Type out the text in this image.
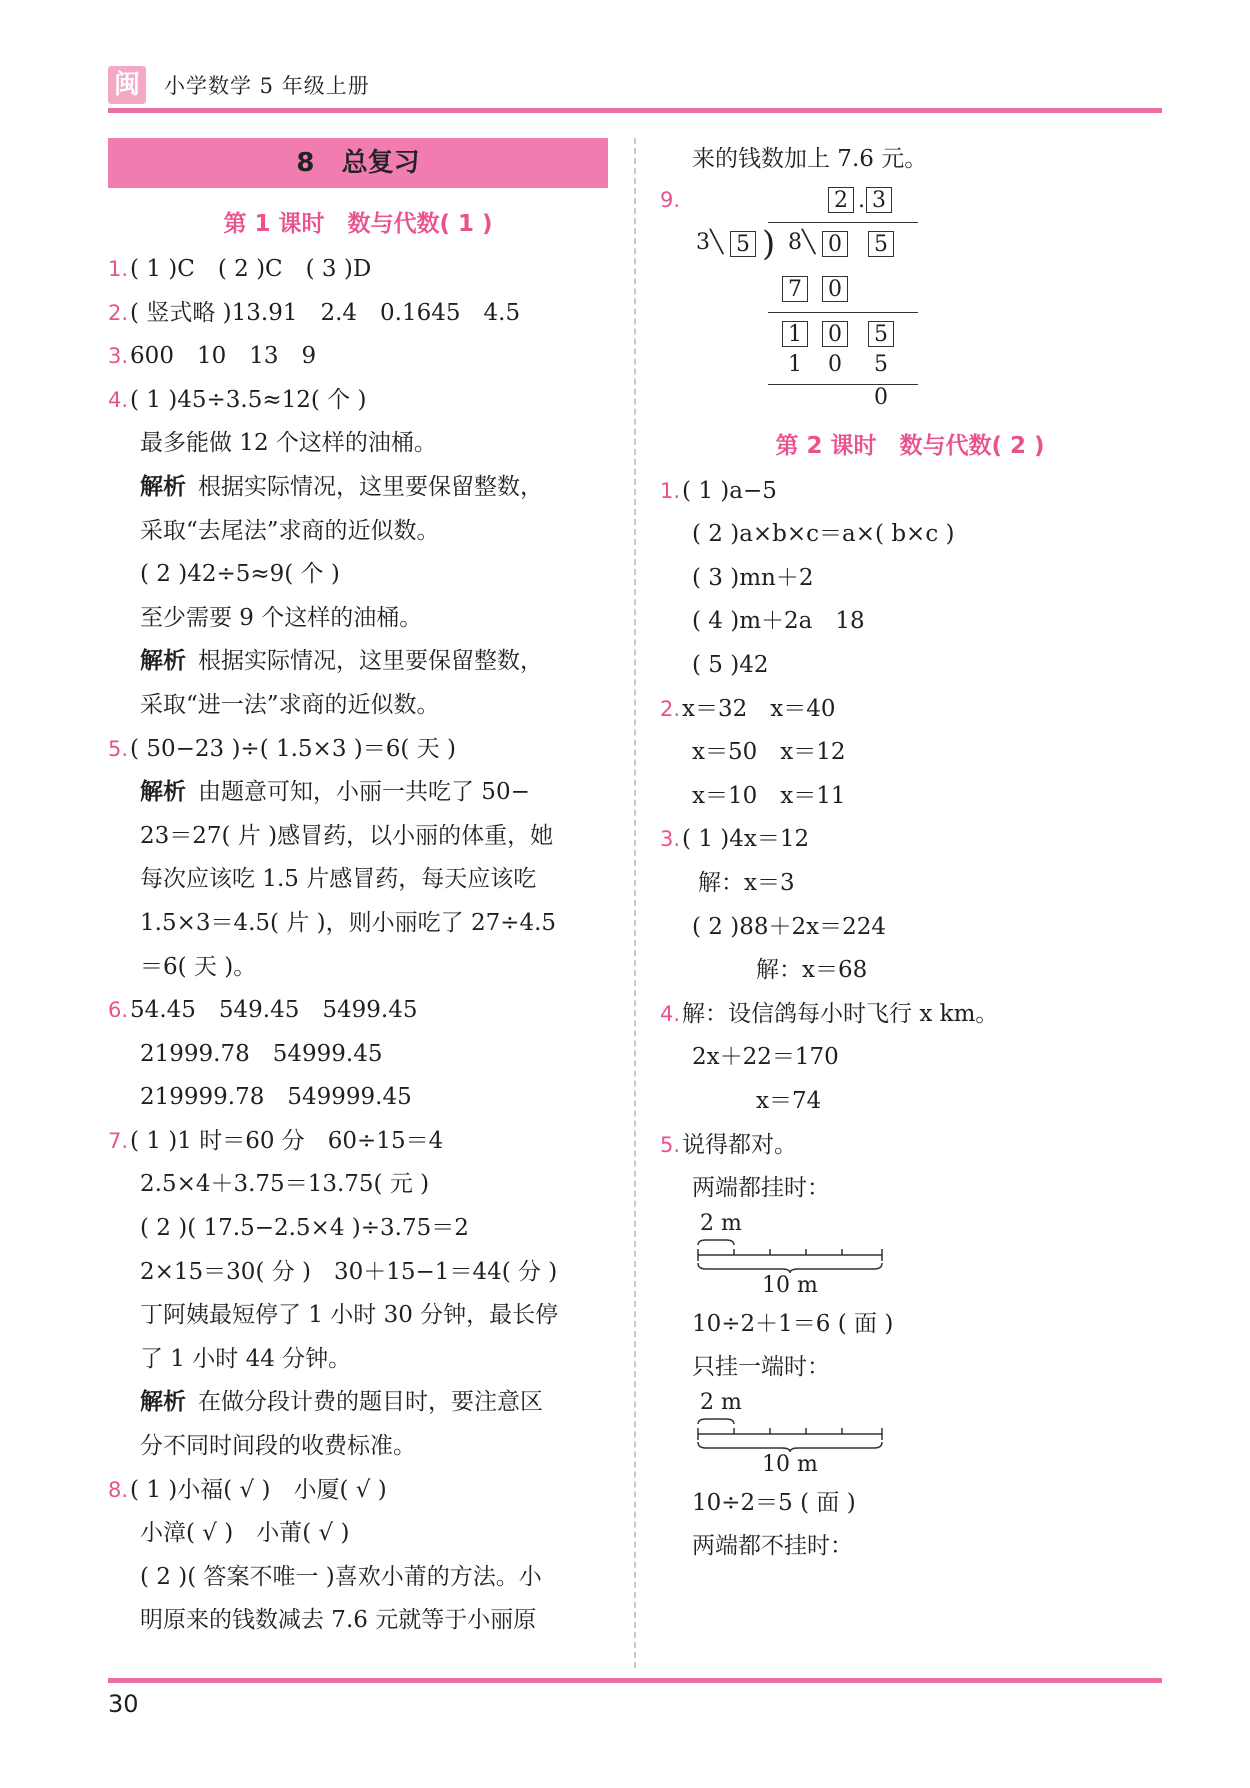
闽 小学数学 5 年级上册
8 总复习
第 1 课时　数与代数( 1 )
1.( 1 )C　( 2 )C　( 3 )D
2.( 竖式略 )13.91　2.4　0.1645　4.5
3.600　10　13　9
4.( 1 )45÷3.5≈12( 个 )
最多能做 12 个这样的油桶。
解析 根据实际情况，这里要保留整数，
采取“去尾法”求商的近似数。
( 2 )42÷5≈9( 个 )
至少需要 9 个这样的油桶。
解析 根据实际情况，这里要保留整数，
采取“进一法”求商的近似数。
5.( 50−23 )÷( 1.5×3 )＝6( 天 )
解析 由题意可知，小丽一共吃了 50−
23＝27( 片 )感冒药，以小丽的体重，她
每次应该吃 1.5 片感冒药，每天应该吃
1.5×3＝4.5( 片 )，则小丽吃了 27÷4.5
＝6( 天 )。
6.54.45　549.45　5499.45
21999.78　54999.45
219999.78　549999.45
7.( 1 )1 时＝60 分　60÷15＝4
2.5×4＋3.75＝13.75( 元 )
( 2 )( 17.5−2.5×4 )÷3.75＝2
2×15＝30( 分 )　30＋15−1＝44( 分 )
丁阿姨最短停了 1 小时 30 分钟，最长停
了 1 小时 44 分钟。
解析 在做分段计费的题目时，要注意区
分不同时间段的收费标准。
8.( 1 )小福( √ )　小厦( √ )
小漳( √ )　小莆( √ )
( 2 )( 答案不唯一 )喜欢小莆的方法。小
明原来的钱数减去 7.6 元就等于小丽原
来的钱数加上 7.6 元。
9.	2 . 3
3 ╲ 5 ) 8 ╲ 0 5
7 0
1 0 5
1 0 5
0
第 2 课时　数与代数( 2 )
1.( 1 )a−5
( 2 )a×b×c＝a×( b×c )
( 3 )mn＋2
( 4 )m＋2a　18
( 5 )42
2.x＝32　x＝40
x＝50　x＝12
x＝10　x＝11
3.( 1 )4x＝12
解：x＝3
( 2 )88＋2x＝224
解：x＝68
4.解：设信鸽每小时飞行 x km。
2x＋22＝170
x＝74
5.说得都对。
两端都挂时：
2 m
10 m
10÷2＋1＝6 ( 面 )
只挂一端时：
2 m
10 m
10÷2＝5 ( 面 )
两端都不挂时：
30
